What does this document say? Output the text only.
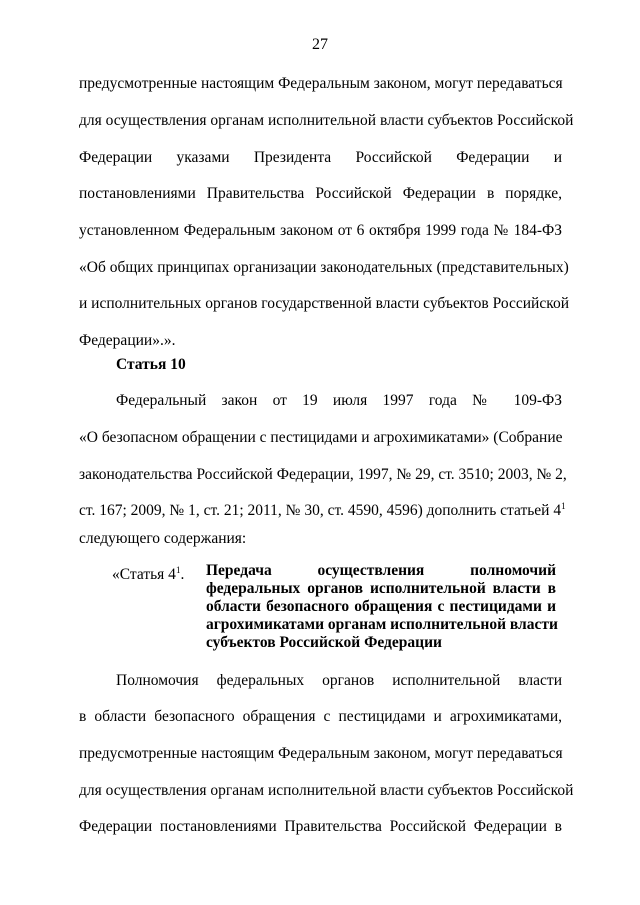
27
предусмотренные настоящим Федеральным законом, могут передаваться
для осуществления органам исполнительной власти субъектов Российской
Федерации указами Президента Российской Федерации и
постановлениями Правительства Российской Федерации в порядке,
установленном Федеральным законом от 6 октября 1999 года № 184-ФЗ
«Об общих принципах организации законодательных (представительных)
и исполнительных органов государственной власти субъектов Российской
Федерации».».
Статья 10
Федеральный закон от 19 июля 1997 года № 109-ФЗ
«О безопасном обращении с пестицидами и агрохимикатами» (Собрание
законодательства Российской Федерации, 1997, № 29, ст. 3510; 2003, № 2,
ст. 167; 2009, № 1, ст. 21; 2011, № 30, ст. 4590, 4596) дополнить статьей $4^1$
следующего содержания:
«Статья $4^1$. Передача осуществления полномочий
федеральных органов исполнительной власти в
области безопасного обращения с пестицидами и
агрохимикатами органам исполнительной власти
субъектов Российской Федерации
Полномочия федеральных органов исполнительной власти
в области безопасного обращения с пестицидами и агрохимикатами,
предусмотренные настоящим Федеральным законом, могут передаваться
для осуществления органам исполнительной власти субъектов Российской
Федерации постановлениями Правительства Российской Федерации в
